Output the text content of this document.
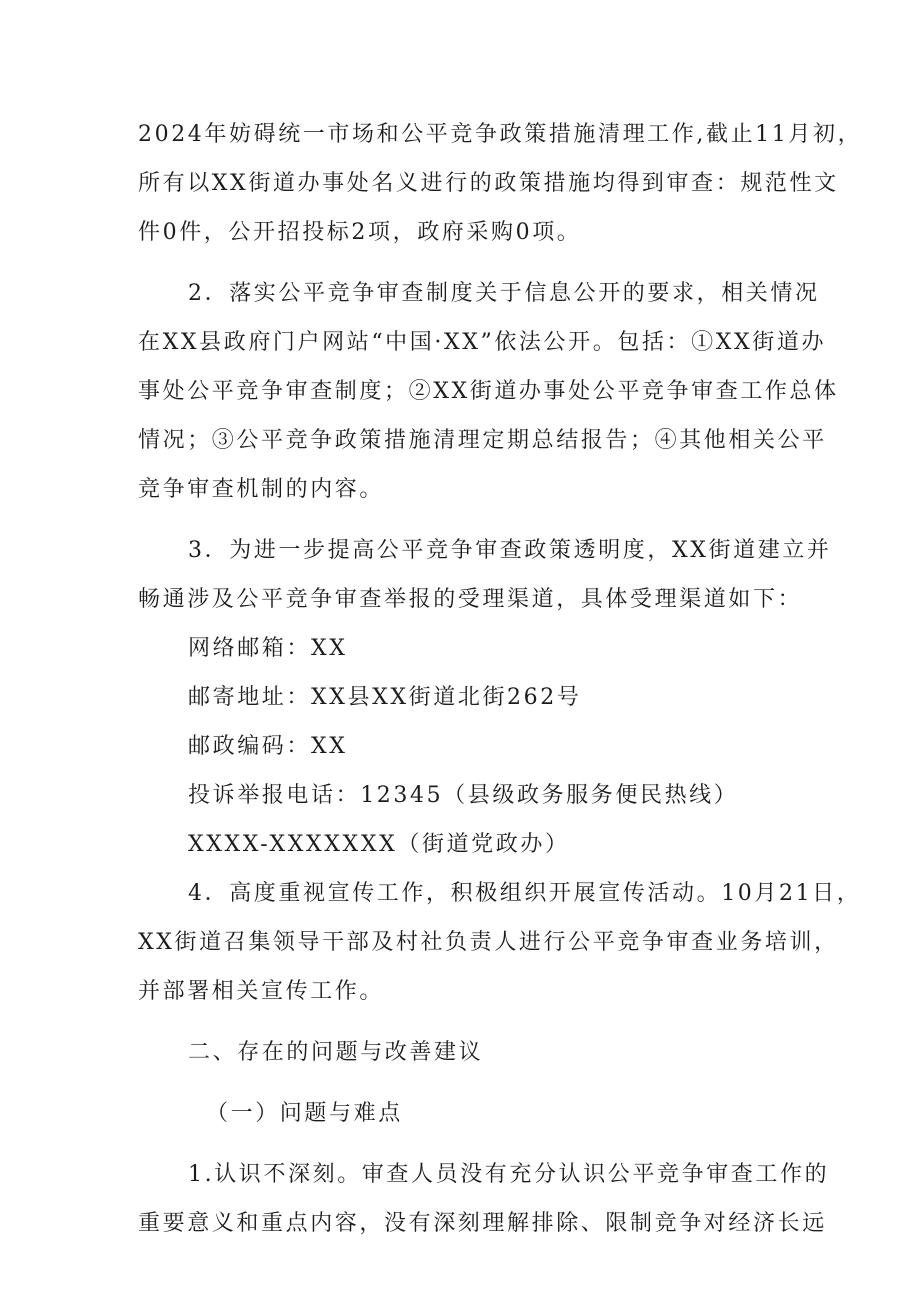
2024年妨碍统一市场和公平竞争政策措施清理工作,截止11月初，
所有以XX街道办事处名义进行的政策措施均得到审查：规范性文
件0件，公开招投标2项，政府采购0项。
2．落实公平竞争审查制度关于信息公开的要求，相关情况
在XX县政府门户网站“中国·XX”依法公开。包括：①XX街道办
事处公平竞争审查制度；②XX街道办事处公平竞争审查工作总体
情况；③公平竞争政策措施清理定期总结报告；④其他相关公平
竞争审查机制的内容。
3．为进一步提高公平竞争审查政策透明度，XX街道建立并
畅通涉及公平竞争审查举报的受理渠道，具体受理渠道如下：
网络邮箱：XX
邮寄地址：XX县XX街道北街262号
邮政编码：XX
投诉举报电话：12345（县级政务服务便民热线）
XXXX-XXXXXXX（街道党政办）
4．高度重视宣传工作，积极组织开展宣传活动。10月21日，
XX街道召集领导干部及村社负责人进行公平竞争审查业务培训，
并部署相关宣传工作。
二、存在的问题与改善建议
（一）问题与难点
1.认识不深刻。审查人员没有充分认识公平竞争审查工作的
重要意义和重点内容，没有深刻理解排除、限制竞争对经济长远
